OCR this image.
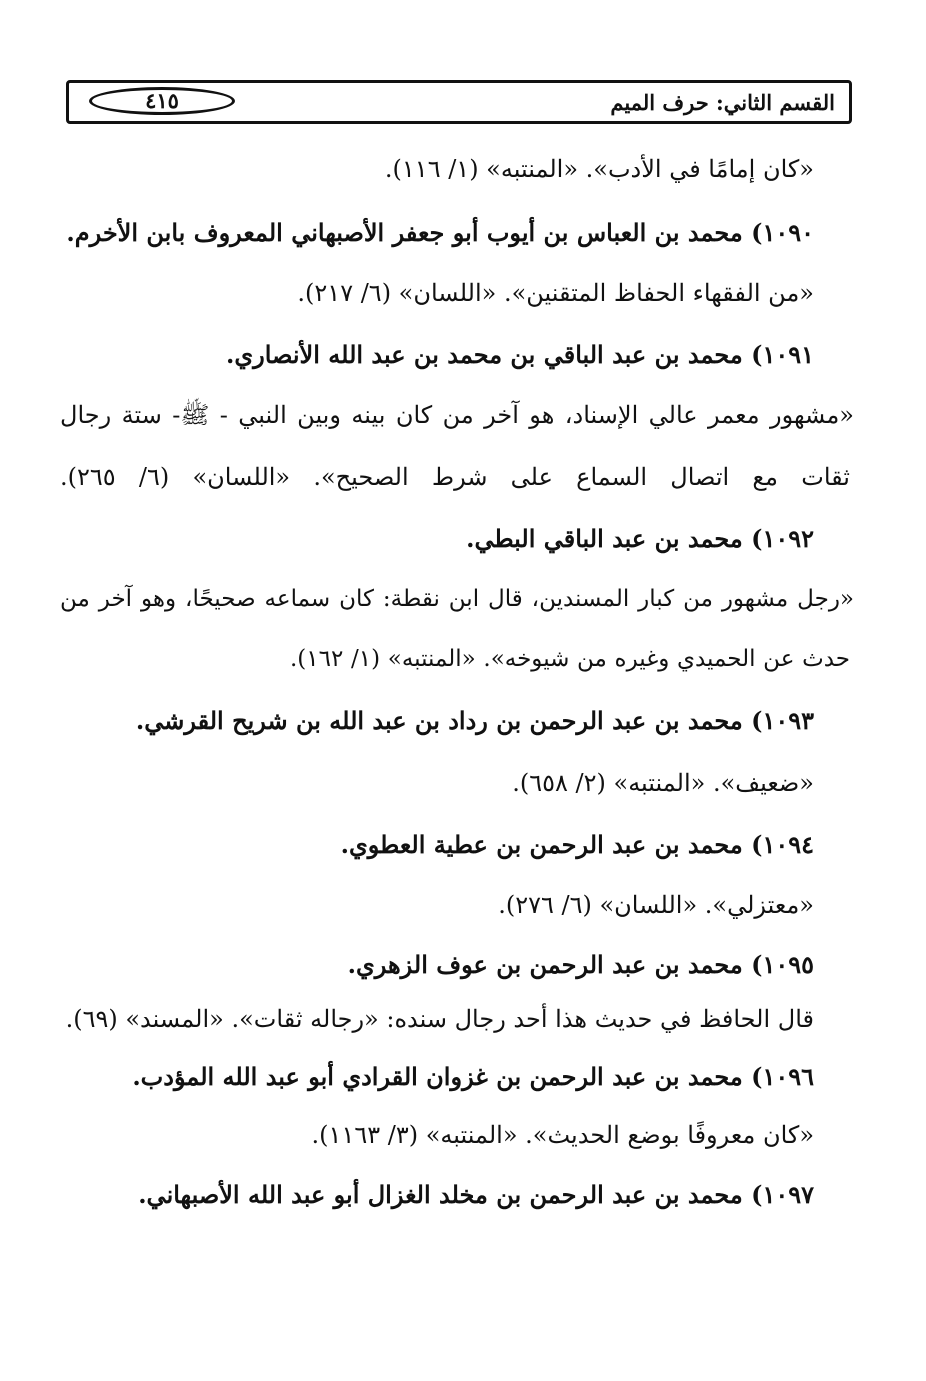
القسم الثاني: حرف الميم
٤١٥
«كان إمامًا في الأدب». «المنتبه» (١/ ١١٦).
١٠٩٠) محمد بن العباس بن أيوب أبو جعفر الأصبهاني المعروف بابن الأخرم.
«من الفقهاء الحفاظ المتقنين». «اللسان» (٦/ ٢١٧).
١٠٩١) محمد بن عبد الباقي بن محمد بن عبد الله الأنصاري.
«مشهور معمر عالي الإسناد، هو آخر من كان بينه وبين النبي - ﷺ- ستة رجال
ثقات مع اتصال السماع على شرط الصحيح». «اللسان» (٦/ ٢٦٥).
١٠٩٢) محمد بن عبد الباقي البطي.
«رجل مشهور من كبار المسندين، قال ابن نقطة: كان سماعه صحيحًا، وهو آخر من
حدث عن الحميدي وغيره من شيوخه». «المنتبه» (١/ ١٦٢).
١٠٩٣) محمد بن عبد الرحمن بن رداد بن عبد الله بن شريح القرشي.
«ضعيف». «المنتبه» (٢/ ٦٥٨).
١٠٩٤) محمد بن عبد الرحمن بن عطية العطوي.
«معتزلي». «اللسان» (٦/ ٢٧٦).
١٠٩٥) محمد بن عبد الرحمن بن عوف الزهري.
قال الحافظ في حديث هذا أحد رجال سنده: «رجاله ثقات». «المسند» (٦٩).
١٠٩٦) محمد بن عبد الرحمن بن غزوان القرادي أبو عبد الله المؤدب.
«كان معروفًا بوضع الحديث». «المنتبه» (٣/ ١١٦٣).
١٠٩٧) محمد بن عبد الرحمن بن مخلد الغزال أبو عبد الله الأصبهاني.
